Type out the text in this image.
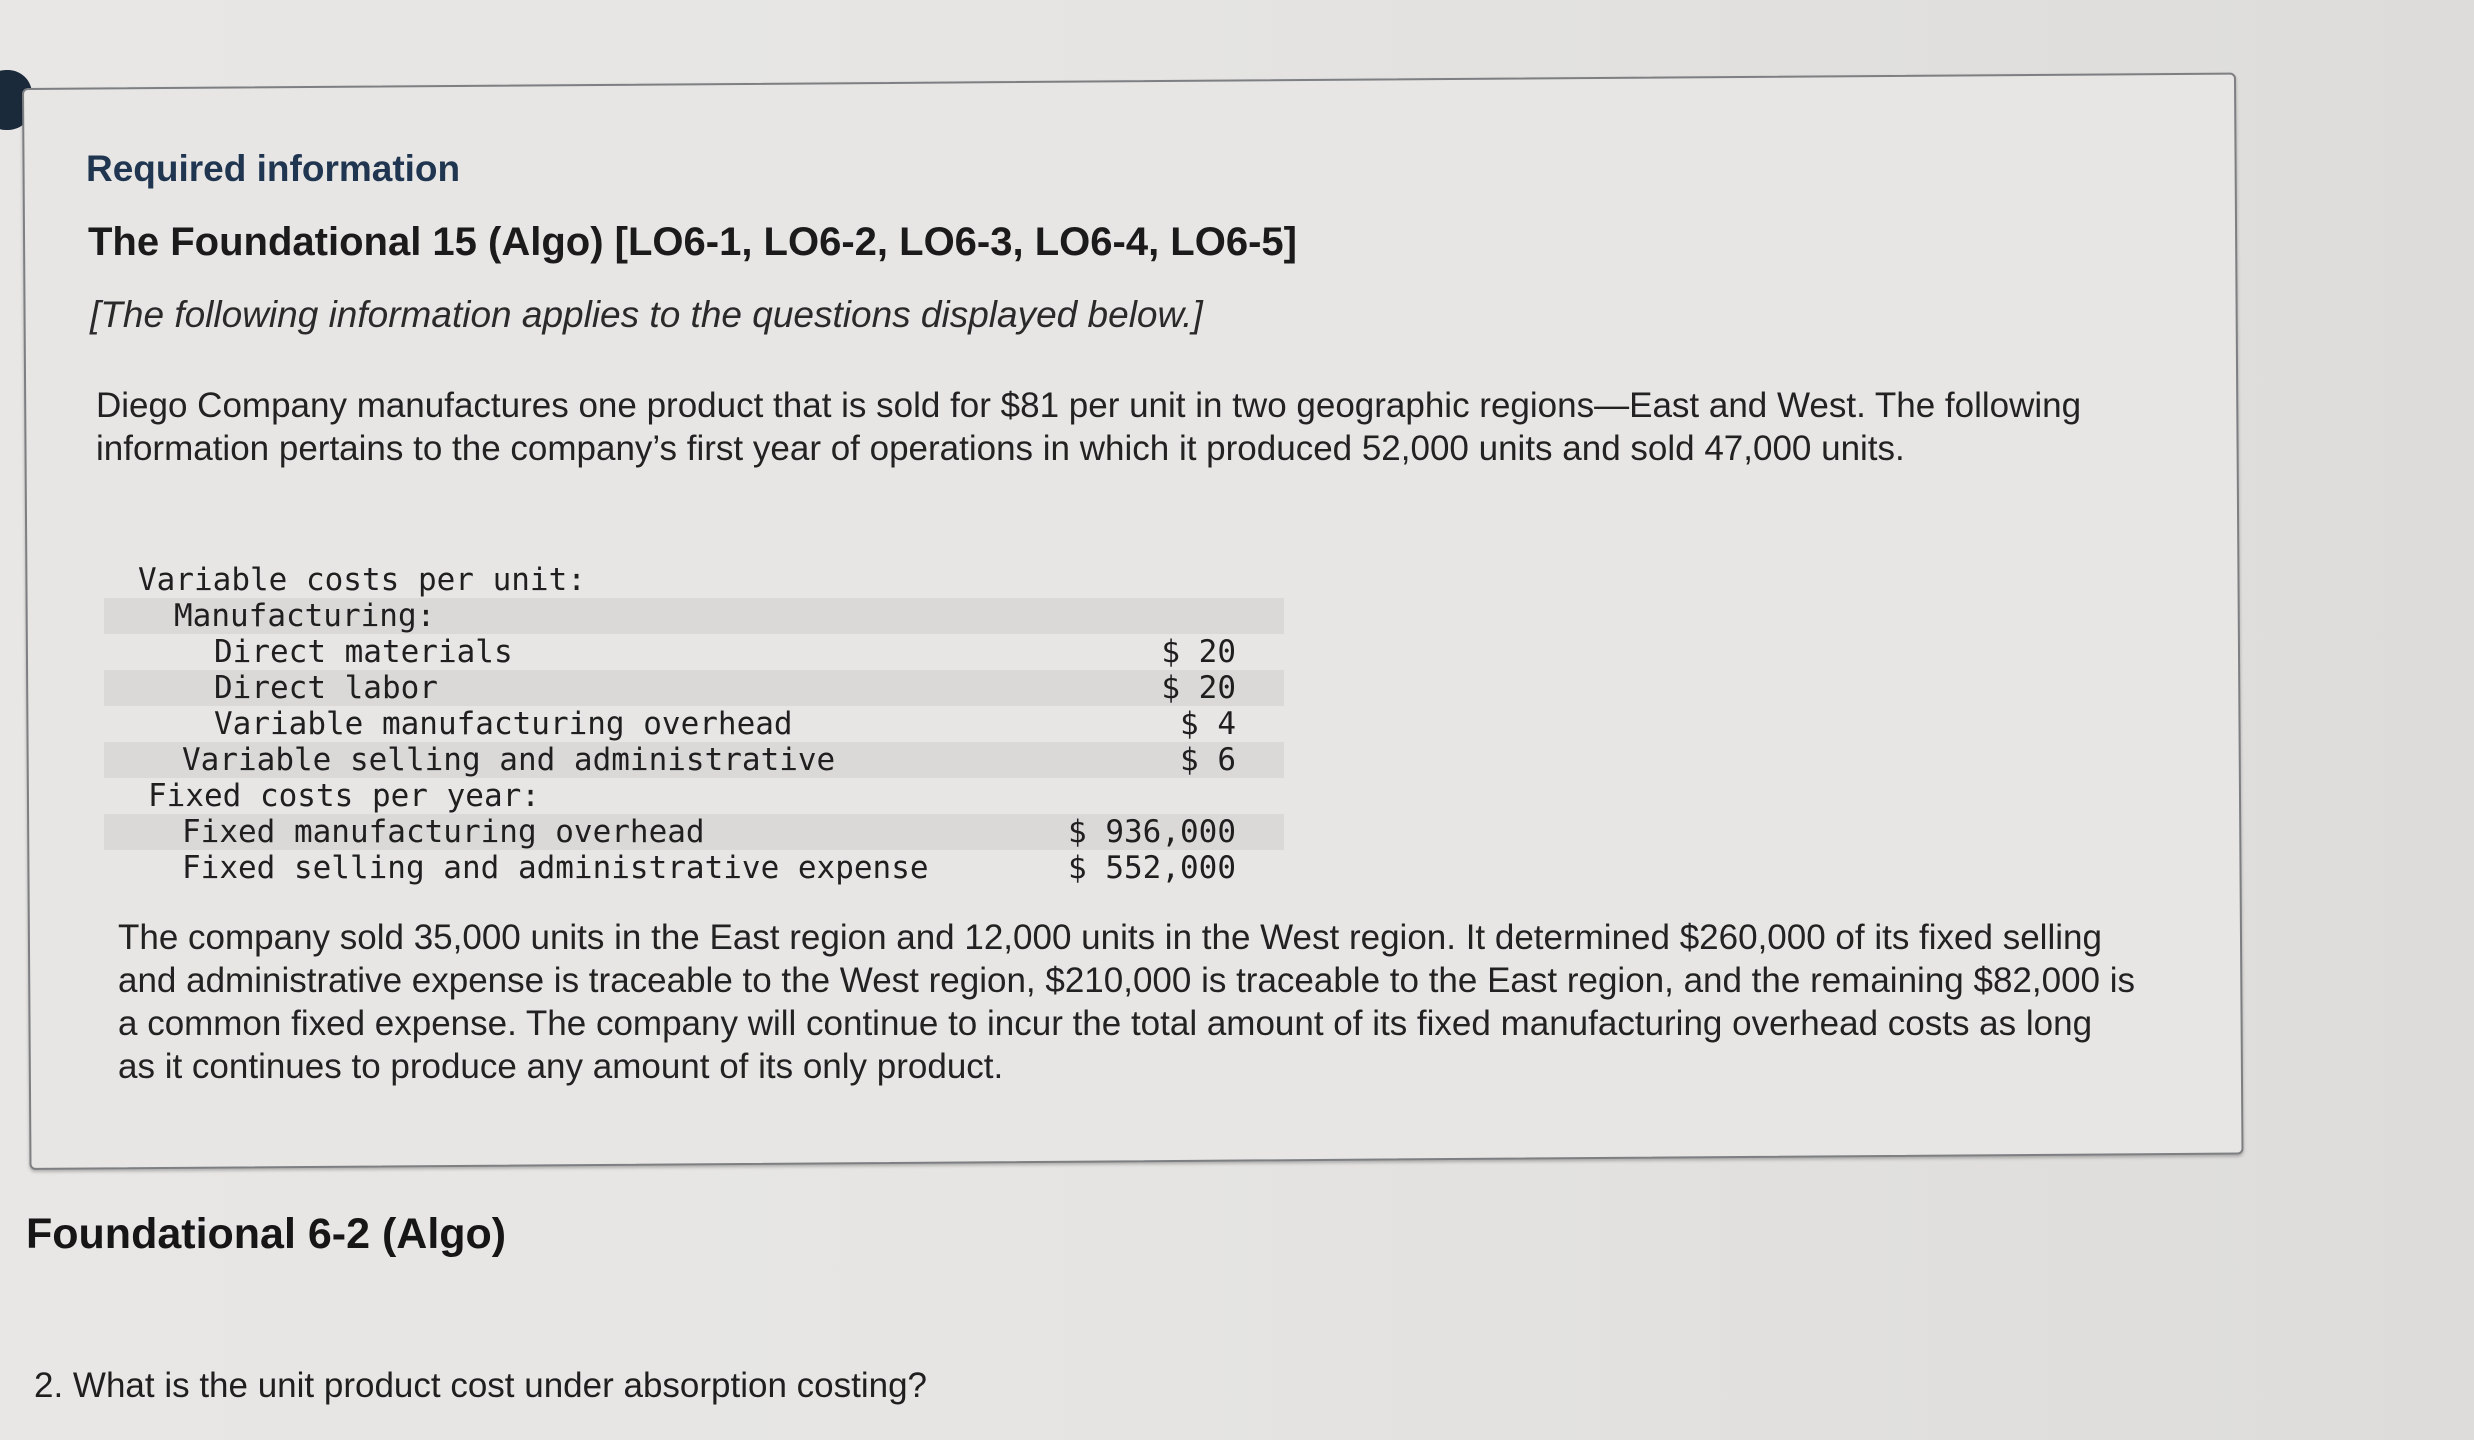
Required information
The Foundational 15 (Algo) [LO6-1, LO6-2, LO6-3, LO6-4, LO6-5]
[The following information applies to the questions displayed below.]
Diego Company manufactures one product that is sold for $81 per unit in two geographic regions—East and West. The following information pertains to the company’s first year of operations in which it produced 52,000 units and sold 47,000 units.
Variable costs per unit:
Manufacturing:
Direct materials	$ 20
Direct labor	$ 20
Variable manufacturing overhead	$ 4
Variable selling and administrative	$ 6
Fixed costs per year:
Fixed manufacturing overhead	$ 936,000
Fixed selling and administrative expense	$ 552,000
The company sold 35,000 units in the East region and 12,000 units in the West region. It determined $260,000 of its fixed selling and administrative expense is traceable to the West region, $210,000 is traceable to the East region, and the remaining $82,000 is a common fixed expense. The company will continue to incur the total amount of its fixed manufacturing overhead costs as long as it continues to produce any amount of its only product.
Foundational 6-2 (Algo)
2. What is the unit product cost under absorption costing?
